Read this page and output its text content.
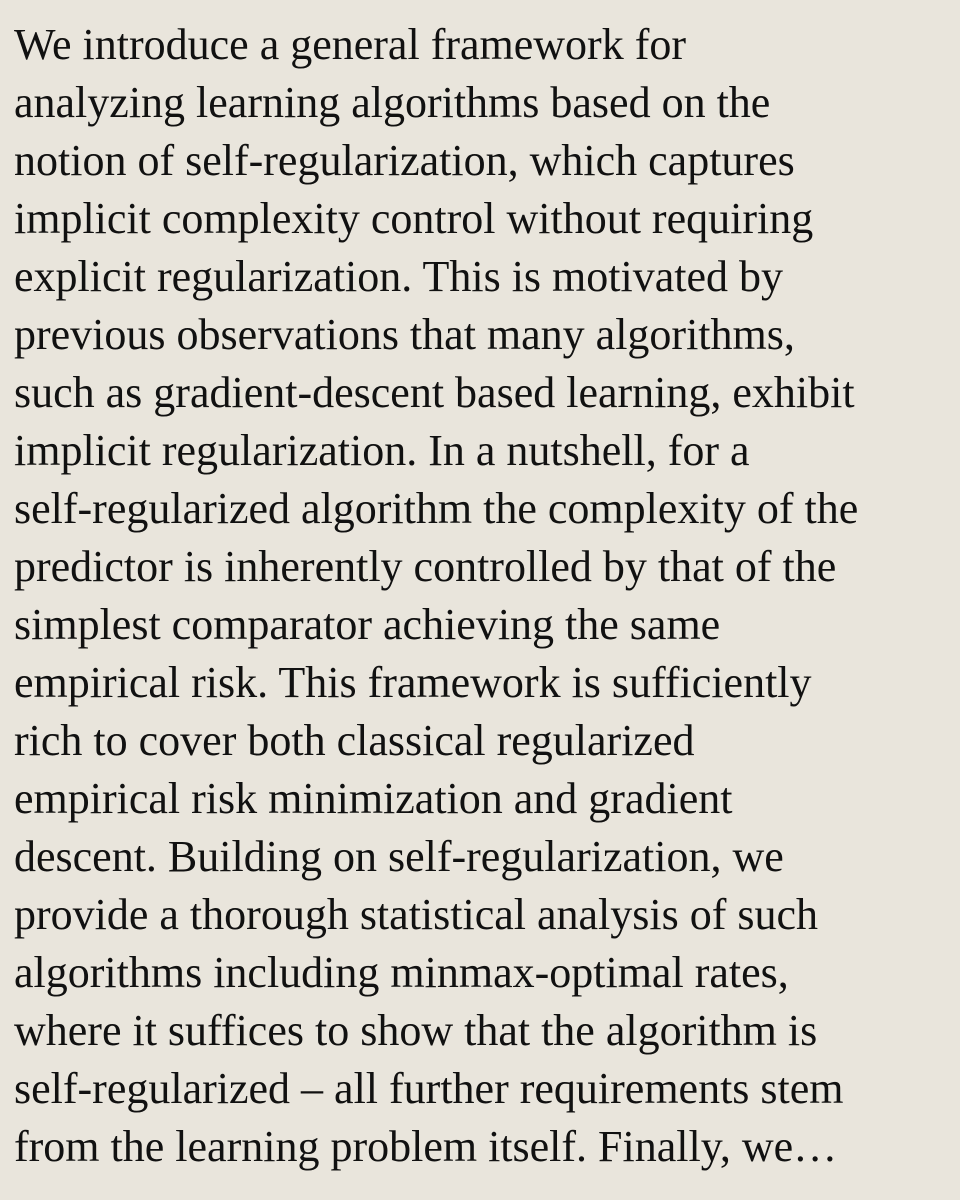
We introduce a general framework for
analyzing learning algorithms based on the
notion of self-regularization, which captures
implicit complexity control without requiring
explicit regularization. This is motivated by
previous observations that many algorithms,
such as gradient-descent based learning, exhibit
implicit regularization. In a nutshell, for a
self-regularized algorithm the complexity of the
predictor is inherently controlled by that of the
simplest comparator achieving the same
empirical risk. This framework is sufficiently
rich to cover both classical regularized
empirical risk minimization and gradient
descent. Building on self-regularization, we
provide a thorough statistical analysis of such
algorithms including minmax-optimal rates,
where it suffices to show that the algorithm is
self-regularized – all further requirements stem
from the learning problem itself. Finally, we…
